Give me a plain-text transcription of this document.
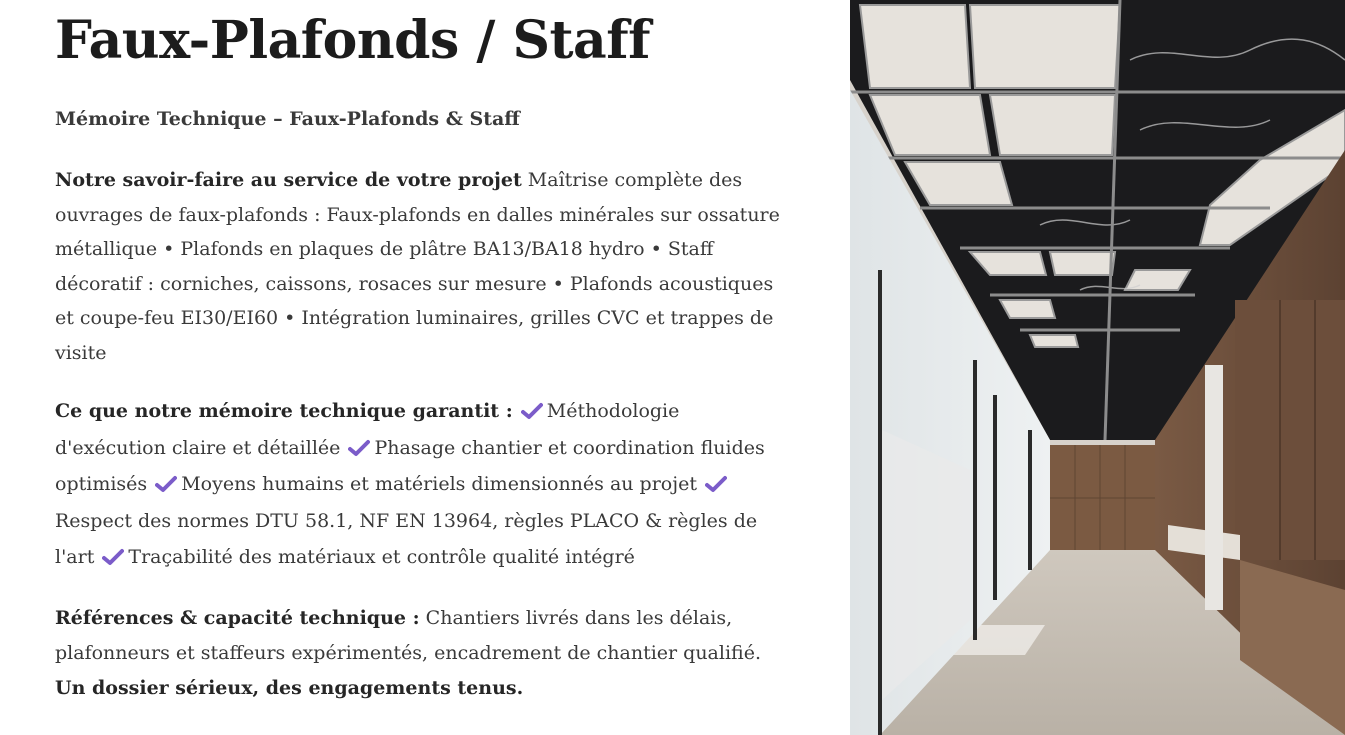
Faux-Plafonds / Staff

Mémoire Technique – Faux-Plafonds & Staff

Notre savoir-faire au service de votre projet Maîtrise complète des ouvrages de faux-plafonds : Faux-plafonds en dalles minérales sur ossature métallique • Plafonds en plaques de plâtre BA13/BA18 hydro • Staff décoratif : corniches, caissons, rosaces sur mesure • Plafonds acoustiques et coupe-feu EI30/EI60 • Intégration luminaires, grilles CVC et trappes de visite

Ce que notre mémoire technique garantit : Méthodologie d'exécution claire et détaillée Phasage chantier et coordination fluides optimisés Moyens humains et matériels dimensionnés au projet Respect des normes DTU 58.1, NF EN 13964, règles PLACO & règles de l'art Traçabilité des matériaux et contrôle qualité intégré

Références & capacité technique : Chantiers livrés dans les délais, plafonneurs et staffeurs expérimentés, encadrement de chantier qualifié. Un dossier sérieux, des engagements tenus.
